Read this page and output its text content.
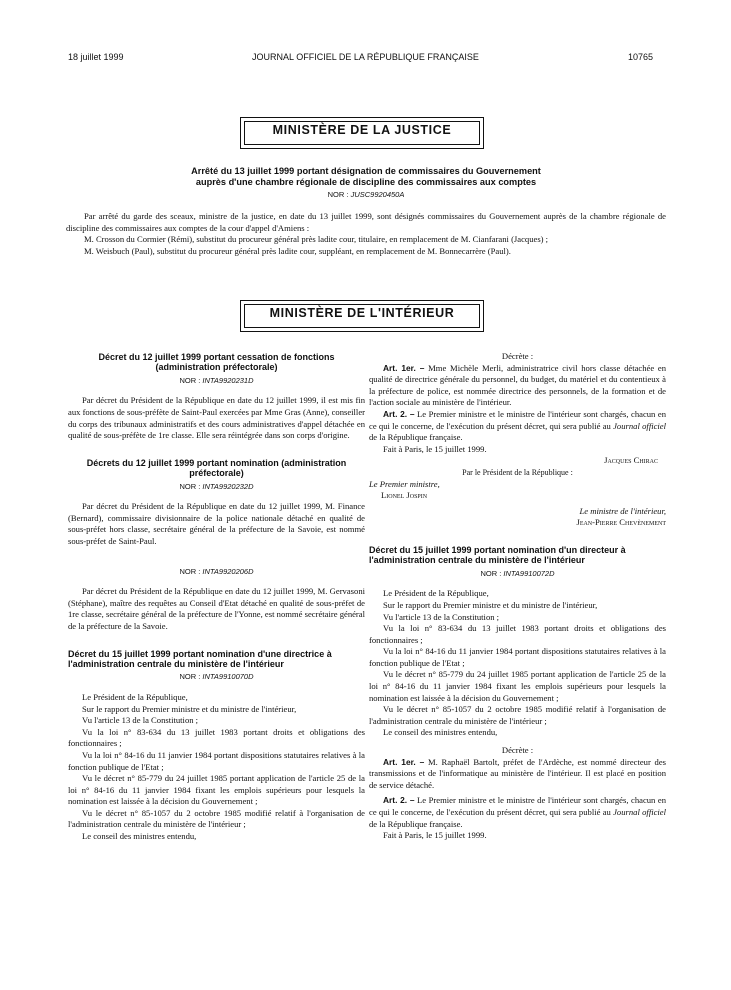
18 juillet 1999	JOURNAL OFFICIEL DE LA RÉPUBLIQUE FRANÇAISE	10765
MINISTÈRE DE LA JUSTICE
Arrêté du 13 juillet 1999 portant désignation de commissaires du Gouvernement
auprès d'une chambre régionale de discipline des commissaires aux comptes
NOR : JUSC9920450A

Par arrêté du garde des sceaux, ministre de la justice, en date du 13 juillet 1999, sont désignés commissaires du Gouvernement auprès de la chambre régionale de discipline des commissaires aux comptes de la cour d'appel d'Amiens :

M. Crosson du Cormier (Rémi), substitut du procureur général près ladite cour, titulaire, en remplacement de M. Cianfarani (Jacques) ;

M. Weisbuch (Paul), substitut du procureur général près ladite cour, suppléant, en remplacement de M. Bonnecarrère (Paul).

MINISTÈRE DE L'INTÉRIEUR
Décret du 12 juillet 1999 portant cessation de fonctions (administration préfectorale)
NOR : INTA9920231D

Par décret du Président de la République en date du 12 juillet 1999, il est mis fin aux fonctions de sous-préfète de Saint-Paul exercées par Mme Gras (Anne), conseiller du corps des tribunaux administratifs et des cours administratives d'appel détachée en qualité de sous-préfète de 1re classe. Elle sera réintégrée dans son corps d'origine.

Décrets du 12 juillet 1999 portant nomination (administration préfectorale)
NOR : INTA9920232D

Par décret du Président de la République en date du 12 juillet 1999, M. Finance (Bernard), commissaire divisionnaire de la police nationale détaché en qualité de sous-préfet hors classe, secrétaire général de la préfecture de la Savoie, est nommé sous-préfet de Saint-Paul.

NOR : INTA9920206D

Par décret du Président de la République en date du 12 juillet 1999, M. Gervasoni (Stéphane), maître des requêtes au Conseil d'Etat détaché en qualité de sous-préfet de 1re classe, secrétaire général de la préfecture de l'Yonne, est nommé secrétaire général de la préfecture de la Savoie.

Décret du 15 juillet 1999 portant nomination d'une directrice à l'administration centrale du ministère de l'intérieur
NOR : INTA9910070D

Le Président de la République,

Sur le rapport du Premier ministre et du ministre de l'intérieur,

Vu l'article 13 de la Constitution ;

Vu la loi n° 83-634 du 13 juillet 1983 portant droits et obligations des fonctionnaires ;

Vu la loi n° 84-16 du 11 janvier 1984 portant dispositions statutaires relatives à la fonction publique de l'Etat ;

Vu le décret n° 85-779 du 24 juillet 1985 portant application de l'article 25 de la loi n° 84-16 du 11 janvier 1984 fixant les emplois supérieurs pour lesquels la nomination est laissée à la décision du Gouvernement ;

Vu le décret n° 85-1057 du 2 octobre 1985 modifié relatif à l'organisation de l'administration centrale du ministère de l'intérieur ;

Le conseil des ministres entendu,

Décrète :

Art. 1er. – Mme Michèle Merli, administratrice civil hors classe détachée en qualité de directrice générale du personnel, du budget, du matériel et du contentieux à la préfecture de police, est nommée directrice des personnels, de la formation et de l'action sociale au ministère de l'intérieur.

Art. 2. – Le Premier ministre et le ministre de l'intérieur sont chargés, chacun en ce qui le concerne, de l'exécution du présent décret, qui sera publié au Journal officiel de la République française.

Fait à Paris, le 15 juillet 1999.

Jacques Chirac

Par le Président de la République :

Le Premier ministre,

Lionel Jospin

Le ministre de l'intérieur,

Jean-Pierre Chevènement

Décret du 15 juillet 1999 portant nomination d'un directeur à l'administration centrale du ministère de l'intérieur
NOR : INTA9910072D

Le Président de la République,

Sur le rapport du Premier ministre et du ministre de l'intérieur,

Vu l'article 13 de la Constitution ;

Vu la loi n° 83-634 du 13 juillet 1983 portant droits et obligations des fonctionnaires ;

Vu la loi n° 84-16 du 11 janvier 1984 portant dispositions statutaires relatives à la fonction publique de l'Etat ;

Vu le décret n° 85-779 du 24 juillet 1985 portant application de l'article 25 de la loi n° 84-16 du 11 janvier 1984 fixant les emplois supérieurs pour lesquels la nomination est laissée à la décision du Gouvernement ;

Vu le décret n° 85-1057 du 2 octobre 1985 modifié relatif à l'organisation de l'administration centrale du ministère de l'intérieur ;

Le conseil des ministres entendu,

Décrète :

Art. 1er. – M. Raphaël Bartolt, préfet de l'Ardèche, est nommé directeur des transmissions et de l'informatique au ministère de l'intérieur. Il est placé en position de service détaché.

Art. 2. – Le Premier ministre et le ministre de l'intérieur sont chargés, chacun en ce qui le concerne, de l'exécution du présent décret, qui sera publié au Journal officiel de la République française.

Fait à Paris, le 15 juillet 1999.
